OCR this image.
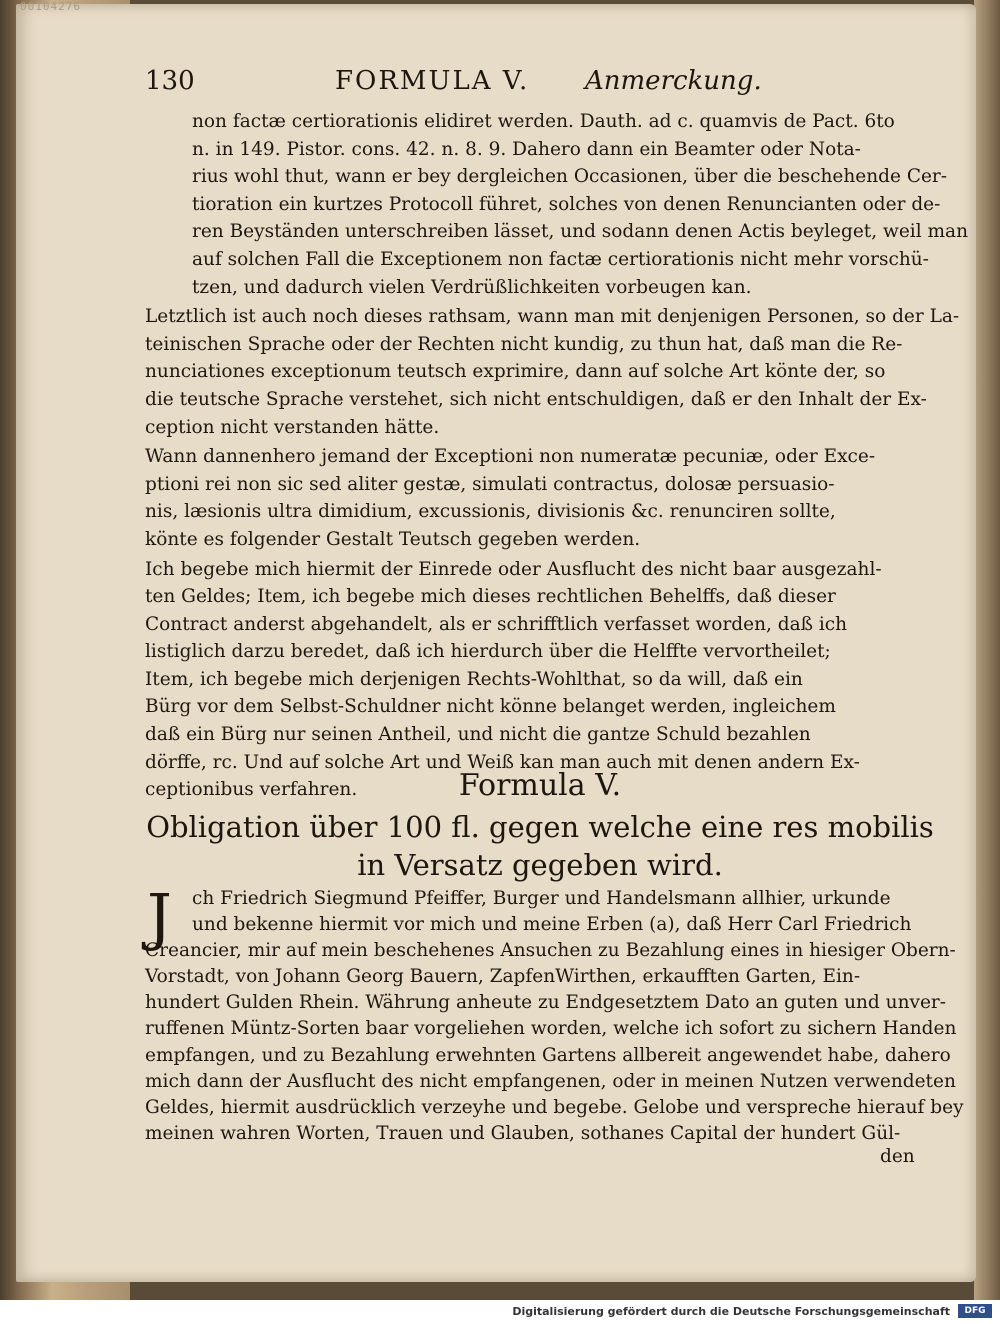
00104276
130	FORMULA V. Anmerckung.

non factæ certiorationis elidiret werden. Dauth. ad c. quamvis de Pact. 6to
n. in 149. Pistor. cons. 42. n. 8. 9. Dahero dann ein Beamter oder Nota-
rius wohl thut, wann er bey dergleichen Occasionen, über die beschehende Cer-
tioration ein kurtzes Protocoll führet, solches von denen Renuncianten oder de-
ren Beyständen unterschreiben lässet, und sodann denen Actis beyleget, weil man
auf solchen Fall die Exceptionem non factæ certiorationis nicht mehr vorschü-
tzen, und dadurch vielen Verdrüßlichkeiten vorbeugen kan.

Letztlich ist auch noch dieses rathsam, wann man mit denjenigen Personen, so der La-
teinischen Sprache oder der Rechten nicht kundig, zu thun hat, daß man die Re-
nunciationes exceptionum teutsch exprimire, dann auf solche Art könte der, so
die teutsche Sprache verstehet, sich nicht entschuldigen, daß er den Inhalt der Ex-
ception nicht verstanden hätte.

Wann dannenhero jemand der Exceptioni non numeratæ pecuniæ, oder Exce-
ptioni rei non sic sed aliter gestæ, simulati contractus, dolosæ persuasio-
nis, læsionis ultra dimidium, excussionis, divisionis &c. renunciren sollte,
könte es folgender Gestalt Teutsch gegeben werden.

Ich begebe mich hiermit der Einrede oder Ausflucht des nicht baar ausgezahl-
ten Geldes; Item, ich begebe mich dieses rechtlichen Behelffs, daß dieser
Contract anderst abgehandelt, als er schrifftlich verfasset worden, daß ich
listiglich darzu beredet, daß ich hierdurch über die Helffte vervortheilet;
Item, ich begebe mich derjenigen Rechts-Wohlthat, so da will, daß ein
Bürg vor dem Selbst-Schuldner nicht könne belanget werden, ingleichem
daß ein Bürg nur seinen Antheil, und nicht die gantze Schuld bezahlen
dörffe, rc. Und auf solche Art und Weiß kan man auch mit denen andern Ex-
ceptionibus verfahren.	Formula V.
Obligation über 100 fl. gegen welche eine res mobilis
in Versatz gegeben wird.
J	ch Friedrich Siegmund Pfeiffer, Burger und Handelsmann allhier, urkunde
und bekenne hiermit vor mich und meine Erben (a), daß Herr Carl Friedrich
Creancier, mir auf mein beschehenes Ansuchen zu Bezahlung eines in hiesiger Obern-
Vorstadt, von Johann Georg Bauern, ZapfenWirthen, erkaufften Garten, Ein-
hundert Gulden Rhein. Währung anheute zu Endgesetztem Dato an guten und unver-
ruffenen Müntz-Sorten baar vorgeliehen worden, welche ich sofort zu sichern Handen
empfangen, und zu Bezahlung erwehnten Gartens allbereit angewendet habe, dahero
mich dann der Ausflucht des nicht empfangenen, oder in meinen Nutzen verwendeten
Geldes, hiermit ausdrücklich verzeyhe und begebe. Gelobe und verspreche hierauf bey
meinen wahren Worten, Trauen und Glauben, sothanes Capital der hundert Gül-
den
Digitalisierung gefördert durch die Deutsche Forschungsgemeinschaft	DFG
